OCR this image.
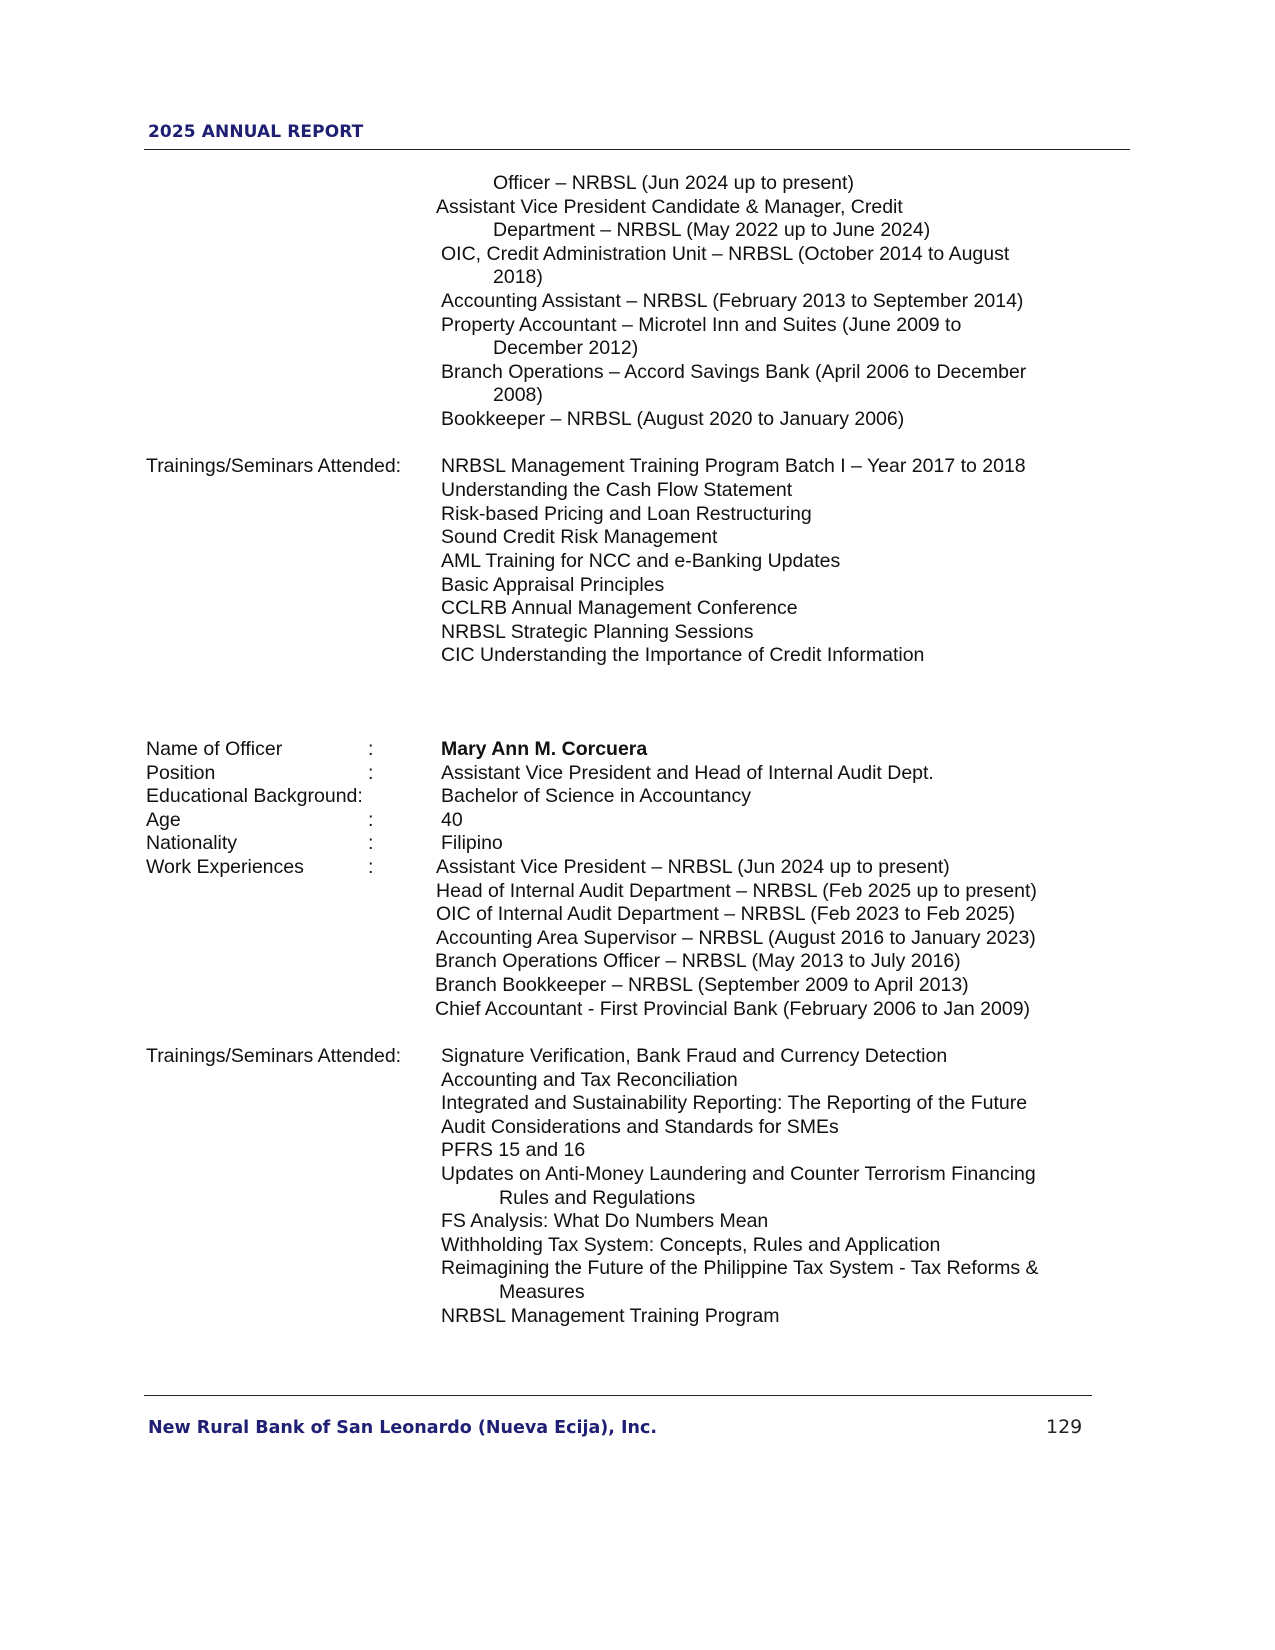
2025 ANNUAL REPORT
Officer – NRBSL (Jun 2024 up to present)
Assistant Vice President Candidate & Manager, Credit
Department – NRBSL (May 2022 up to June 2024)
OIC, Credit Administration Unit – NRBSL (October 2014 to August
2018)
Accounting Assistant – NRBSL (February 2013 to September 2014)
Property Accountant – Microtel Inn and Suites (June 2009 to
December 2012)
Branch Operations – Accord Savings Bank (April 2006 to December
2008)
Bookkeeper – NRBSL (August 2020 to January 2006)
Trainings/Seminars Attended: NRBSL Management Training Program Batch I – Year 2017 to 2018
Understanding the Cash Flow Statement
Risk-based Pricing and Loan Restructuring
Sound Credit Risk Management
AML Training for NCC and e-Banking Updates
Basic Appraisal Principles
CCLRB Annual Management Conference
NRBSL Strategic Planning Sessions
CIC Understanding the Importance of Credit Information
Name of Officer	:	Mary Ann M. Corcuera
Position	:	Assistant Vice President and Head of Internal Audit Dept.
Educational Background:	Bachelor of Science in Accountancy
Age	:	40
Nationality	:	Filipino
Work Experiences	:	Assistant Vice President – NRBSL (Jun 2024 up to present)
Head of Internal Audit Department – NRBSL (Feb 2025 up to present)
OIC of Internal Audit Department – NRBSL (Feb 2023 to Feb 2025)
Accounting Area Supervisor – NRBSL (August 2016 to January 2023)
Branch Operations Officer – NRBSL (May 2013 to July 2016)
Branch Bookkeeper – NRBSL (September 2009 to April 2013)
Chief Accountant - First Provincial Bank (February 2006 to Jan 2009)
Trainings/Seminars Attended: Signature Verification, Bank Fraud and Currency Detection
Accounting and Tax Reconciliation
Integrated and Sustainability Reporting: The Reporting of the Future
Audit Considerations and Standards for SMEs
PFRS 15 and 16
Updates on Anti-Money Laundering and Counter Terrorism Financing
Rules and Regulations
FS Analysis: What Do Numbers Mean
Withholding Tax System: Concepts, Rules and Application
Reimagining the Future of the Philippine Tax System - Tax Reforms &
Measures
NRBSL Management Training Program
New Rural Bank of San Leonardo (Nueva Ecija), Inc.	129
